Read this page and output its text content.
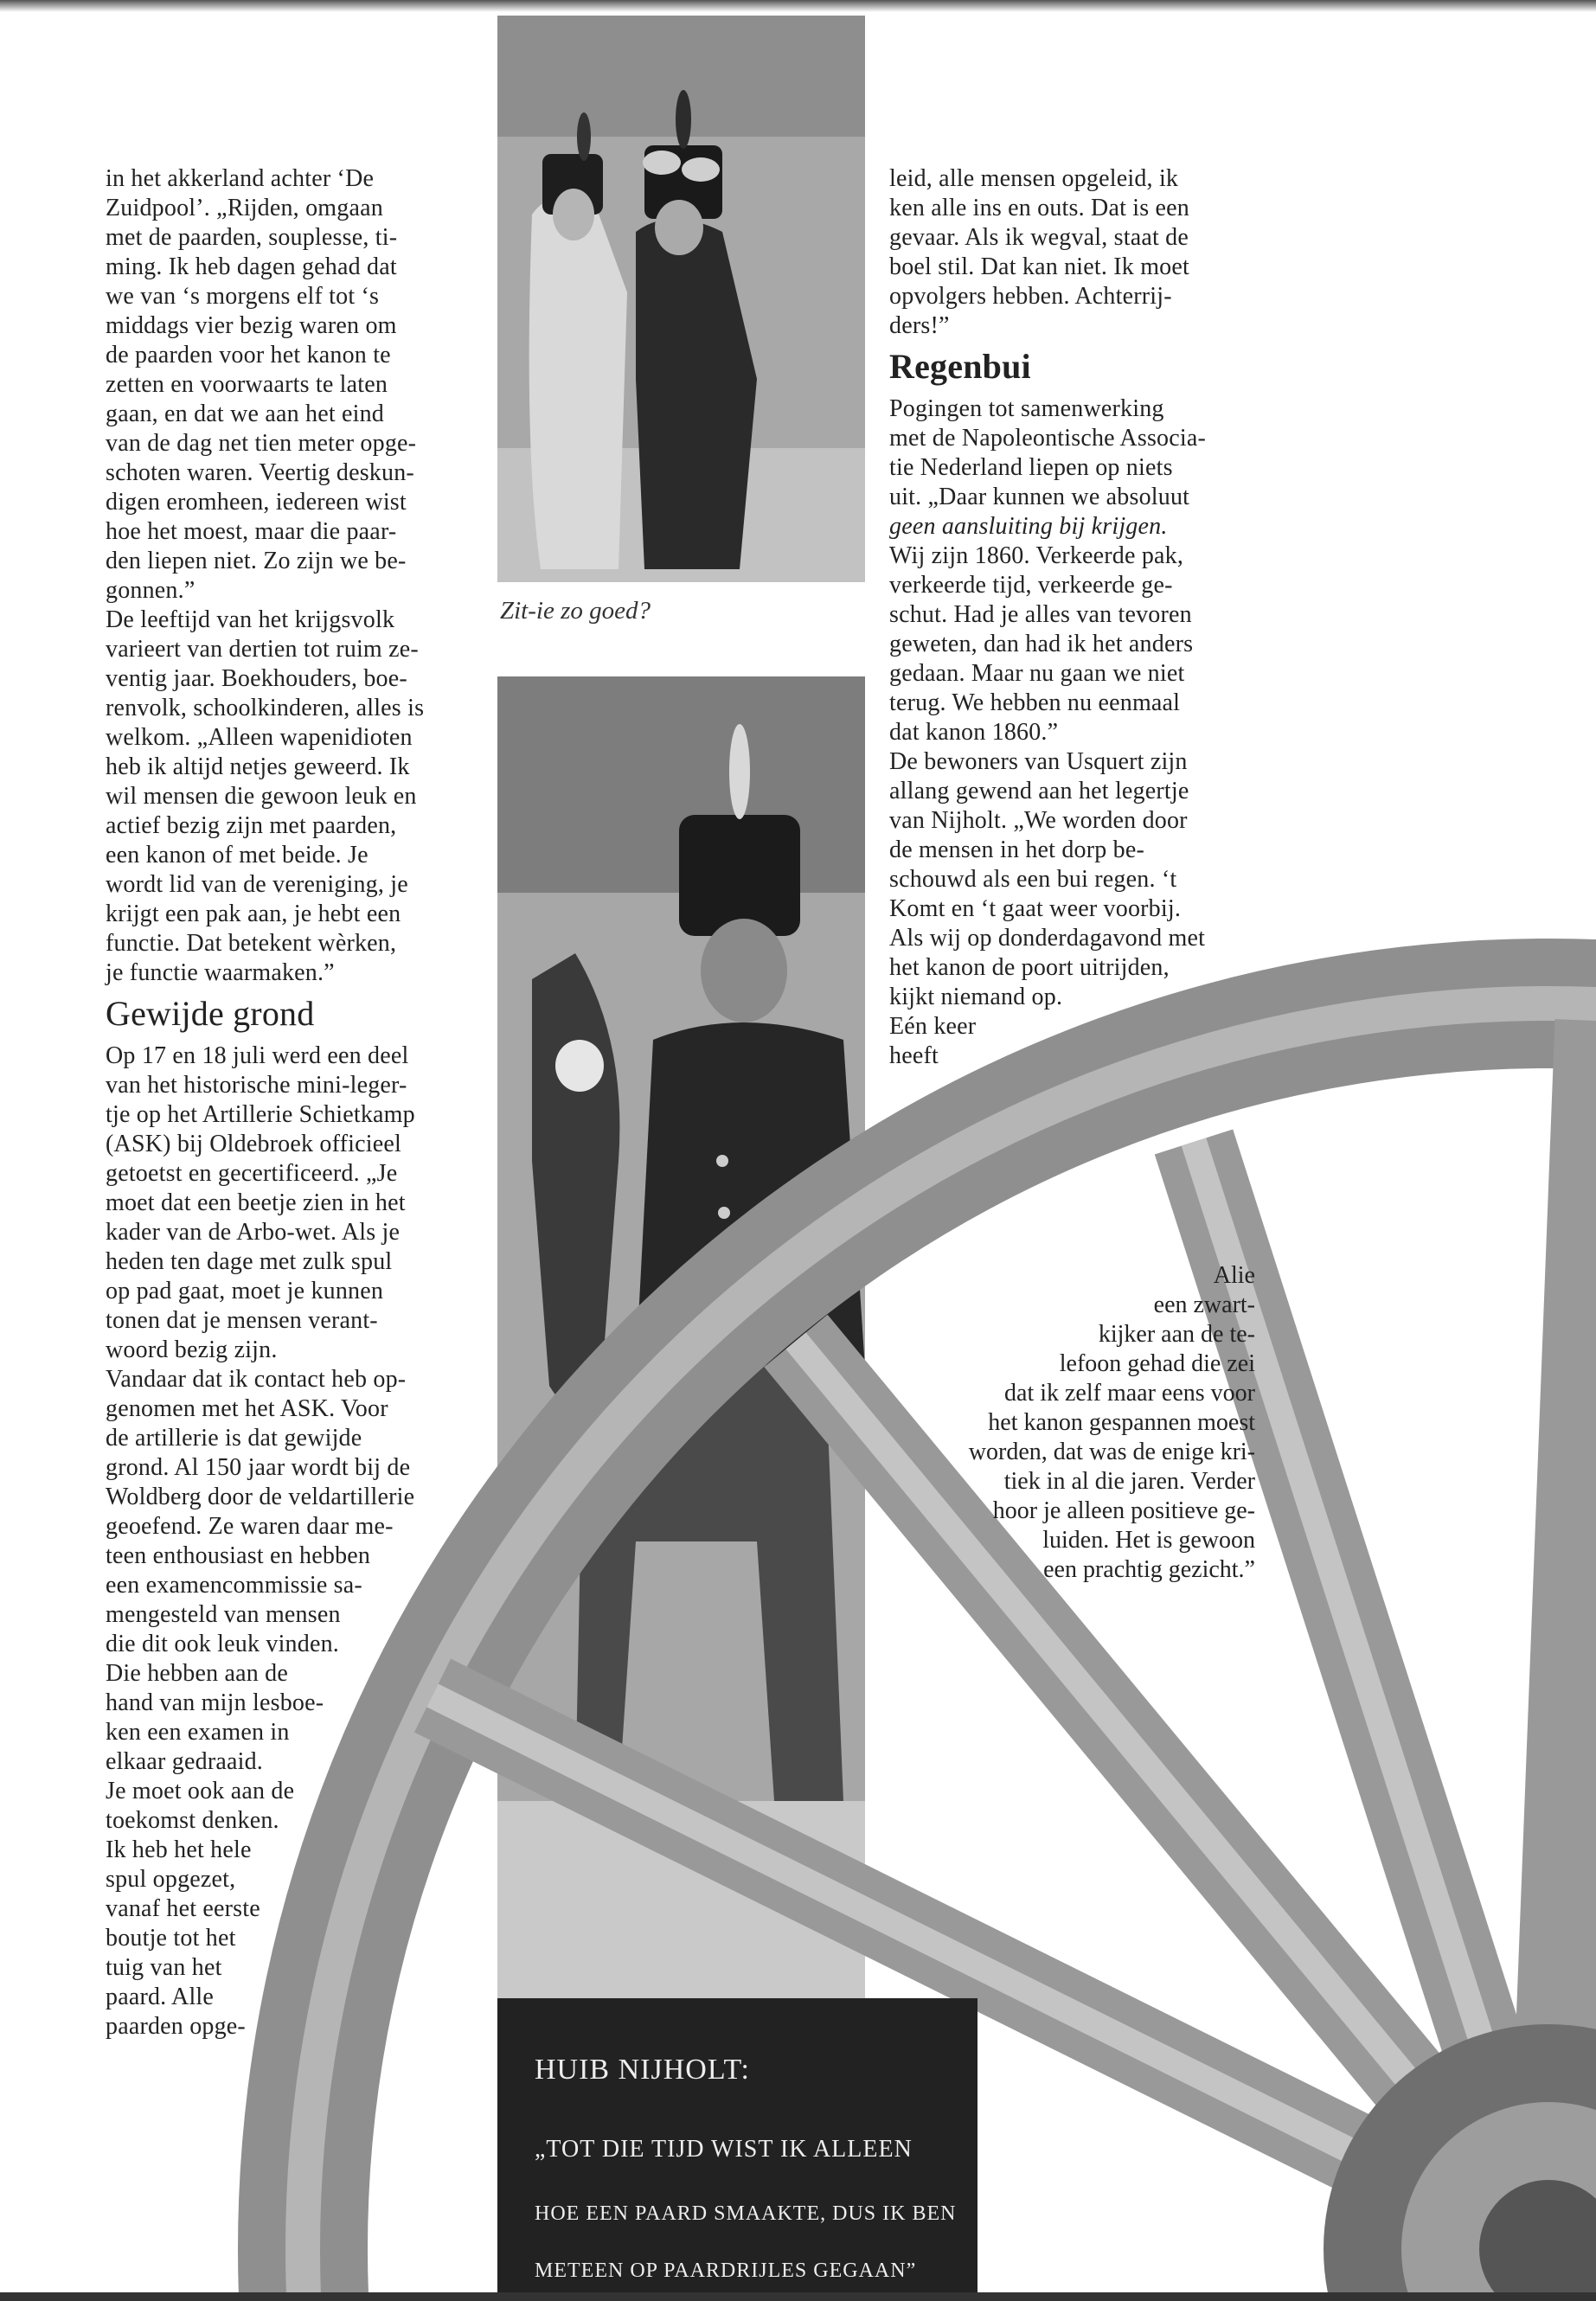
Zit-ie zo goed?

in het akkerland achter ‘De

Zuidpool’. „Rijden, omgaan

met de paarden, souplesse, ti-

ming. Ik heb dagen gehad dat

we van ‘s morgens elf tot ‘s

middags vier bezig waren om

de paarden voor het kanon te

zetten en voorwaarts te laten

gaan, en dat we aan het eind

van de dag net tien meter opge-

schoten waren. Veertig deskun-

digen eromheen, iedereen wist

hoe het moest, maar die paar-

den liepen niet. Zo zijn we be-

gonnen.”

De leeftijd van het krijgsvolk

varieert van dertien tot ruim ze-

ventig jaar. Boekhouders, boe-

renvolk, schoolkinderen, alles is

welkom. „Alleen wapenidioten

heb ik altijd netjes geweerd. Ik

wil mensen die gewoon leuk en

actief bezig zijn met paarden,

een kanon of met beide. Je

wordt lid van de vereniging, je

krijgt een pak aan, je hebt een

functie. Dat betekent wèrken,

je functie waarmaken.”

Gewijde grond

Op 17 en 18 juli werd een deel

van het historische mini-leger-

tje op het Artillerie Schietkamp

(ASK) bij Oldebroek officieel

getoetst en gecertificeerd. „Je

moet dat een beetje zien in het

kader van de Arbo-wet. Als je

heden ten dage met zulk spul

op pad gaat, moet je kunnen

tonen dat je mensen verant-

woord bezig zijn.

Vandaar dat ik contact heb op-

genomen met het ASK. Voor

de artillerie is dat gewijde

grond. Al 150 jaar wordt bij de

Woldberg door de veldartillerie

geoefend. Ze waren daar me-

teen enthousiast en hebben

een examencommissie sa-

mengesteld van mensen

die dit ook leuk vinden.

Die hebben aan de

hand van mijn lesboe-

ken een examen in

elkaar gedraaid.

Je moet ook aan de

toekomst denken.

Ik heb het hele

spul opgezet,

vanaf het eerste

boutje tot het

tuig van het

paard. Alle

paarden opge-

leid, alle mensen opgeleid, ik

ken alle ins en outs. Dat is een

gevaar. Als ik wegval, staat de

boel stil. Dat kan niet. Ik moet

opvolgers hebben. Achterrij-

ders!”

Regenbui

Pogingen tot samenwerking

met de Napoleontische Associa-

tie Nederland liepen op niets

uit. „Daar kunnen we absoluut

geen aansluiting bij krijgen.

Wij zijn 1860. Verkeerde pak,

verkeerde tijd, verkeerde ge-

schut. Had je alles van tevoren

geweten, dan had ik het anders

gedaan. Maar nu gaan we niet

terug. We hebben nu eenmaal

dat kanon 1860.”

De bewoners van Usquert zijn

allang gewend aan het legertje

van Nijholt. „We worden door

de mensen in het dorp be-

schouwd als een bui regen. ‘t

Komt en ‘t gaat weer voorbij.

Als wij op donderdagavond met

het kanon de poort uitrijden,

kijkt niemand op.

Eén keer

heeft

Alie
een zwart-
kijker aan de te-
lefoon gehad die zei
dat ik zelf maar eens voor
het kanon gespannen moest
worden, dat was de enige kri-
tiek in al die jaren. Verder
hoor je alleen positieve ge-
luiden. Het is gewoon
een prachtig gezicht.”
HUIB NIJHOLT:
„TOT DIE TIJD WIST IK ALLEEN
HOE EEN PAARD SMAAKTE, DUS IK BEN
METEEN OP PAARDRIJLES GEGAAN”
